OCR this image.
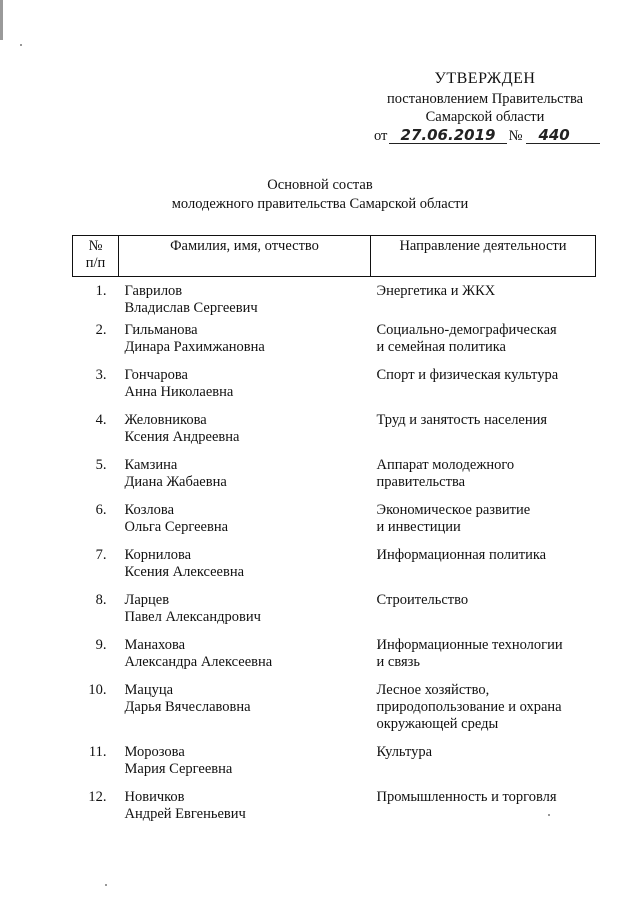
УТВЕРЖДЕН
постановлением Правительства
Самарской области
от 27.06.2019 №	440
Основной состав
молодежного правительства Самарской области
№
п/п	Фамилия, имя, отчество	Направление деятельности
1.	Гаврилов
Владислав Сергеевич	Энергетика и ЖКХ

2.	Гильманова
Динара Рахимжановна	Социально-демографическая
и семейная политика

3.	Гончарова
Анна Николаевна	Спорт и физическая культура

4.	Желовникова
Ксения Андреевна	Труд и занятость населения

5.	Камзина
Диана Жабаевна	Аппарат молодежного
правительства

6.	Козлова
Ольга Сергеевна	Экономическое развитие
и инвестиции

7.	Корнилова
Ксения Алексеевна	Информационная политика

8.	Ларцев
Павел Александрович	Строительство

9.	Манахова
Александра Алексеевна	Информационные технологии
и связь

10.	Мацуца
Дарья Вячеславовна	Лесное хозяйство,
природопользование и охрана
окружающей среды

11.	Морозова
Мария Сергеевна	Культура

12.	Новичков
Андрей Евгеньевич	Промышленность и торговля
